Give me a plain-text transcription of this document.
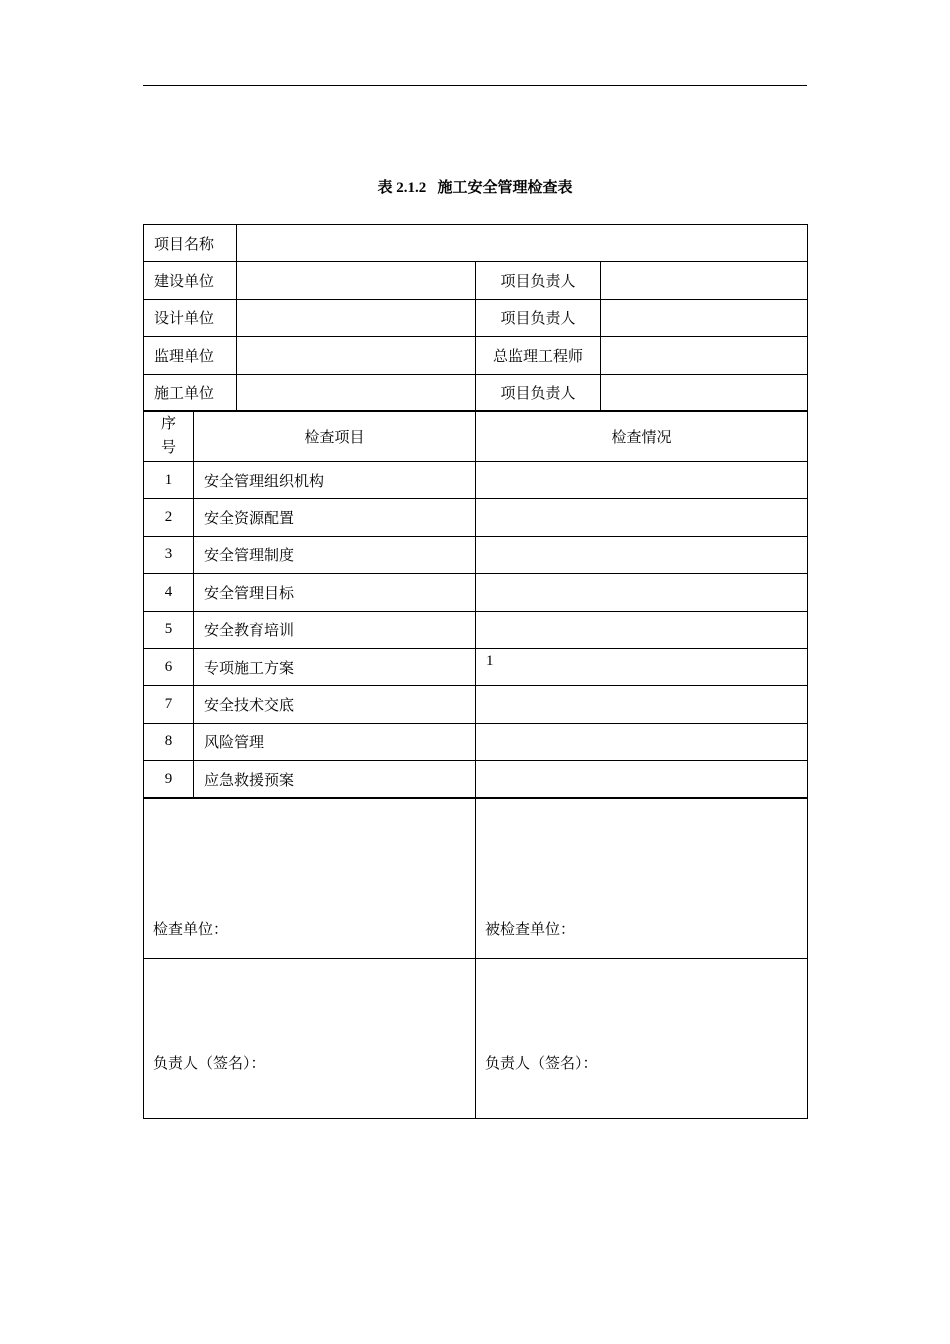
表 2.1.2   施工安全管理检查表
项目名称			
建设单位		项目负责人	
设计单位		项目负责人	
监理单位		总监理工程师	
施工单位		项目负责人	
序
号	检查项目	检查情况
1	安全管理组织机构	
2	安全资源配置	
3	安全管理制度	
4	安全管理目标	
5	安全教育培训	
6	专项施工方案	1
7	安全技术交底	
8	风险管理	
9	应急救援预案	
检查单位：	被检查单位：

负责人（签名）：	负责人（签名）：
